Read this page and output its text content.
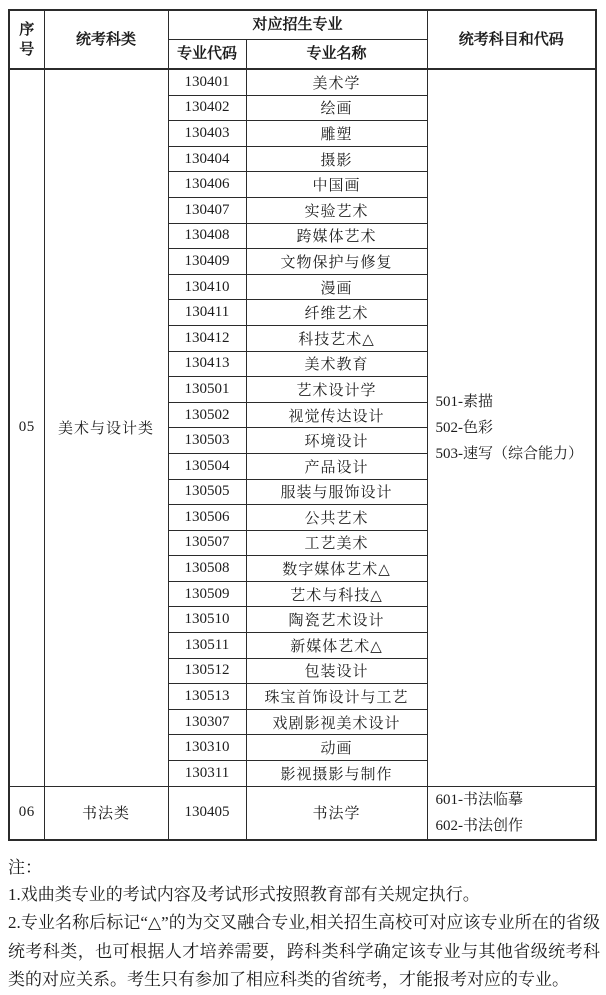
序号	统考科类	对应招生专业		统考科目和代码
		专业代码	专业名称	
05	美术与设计类	130401	美术学	501-素描
502-色彩
503-速写（综合能力）

		130402	绘画	
		130403	雕塑	
		130404	摄影	
		130406	中国画	
		130407	实验艺术	
		130408	跨媒体艺术	
		130409	文物保护与修复	
		130410	漫画	
		130411	纤维艺术	
		130412	科技艺术△	
		130413	美术教育	
		130501	艺术设计学	
		130502	视觉传达设计	
		130503	环境设计	
		130504	产品设计	
		130505	服装与服饰设计	
		130506	公共艺术	
		130507	工艺美术	
		130508	数字媒体艺术△	
		130509	艺术与科技△	
		130510	陶瓷艺术设计	
		130511	新媒体艺术△	
		130512	包装设计	
		130513	珠宝首饰设计与工艺	
		130307	戏剧影视美术设计	
		130310	动画	
		130311	影视摄影与制作	
06	书法类	130405	书法学	601-书法临摹
602-书法创作
注：
1.戏曲类专业的考试内容及考试形式按照教育部有关规定执行。
2.专业名称后标记“△”的为交叉融合专业,相关招生高校可对应该专业所在的省级统考科类，也可根据人才培养需要，跨科类科学确定该专业与其他省级统考科类的对应关系。考生只有参加了相应科类的省统考，才能报考对应的专业。
